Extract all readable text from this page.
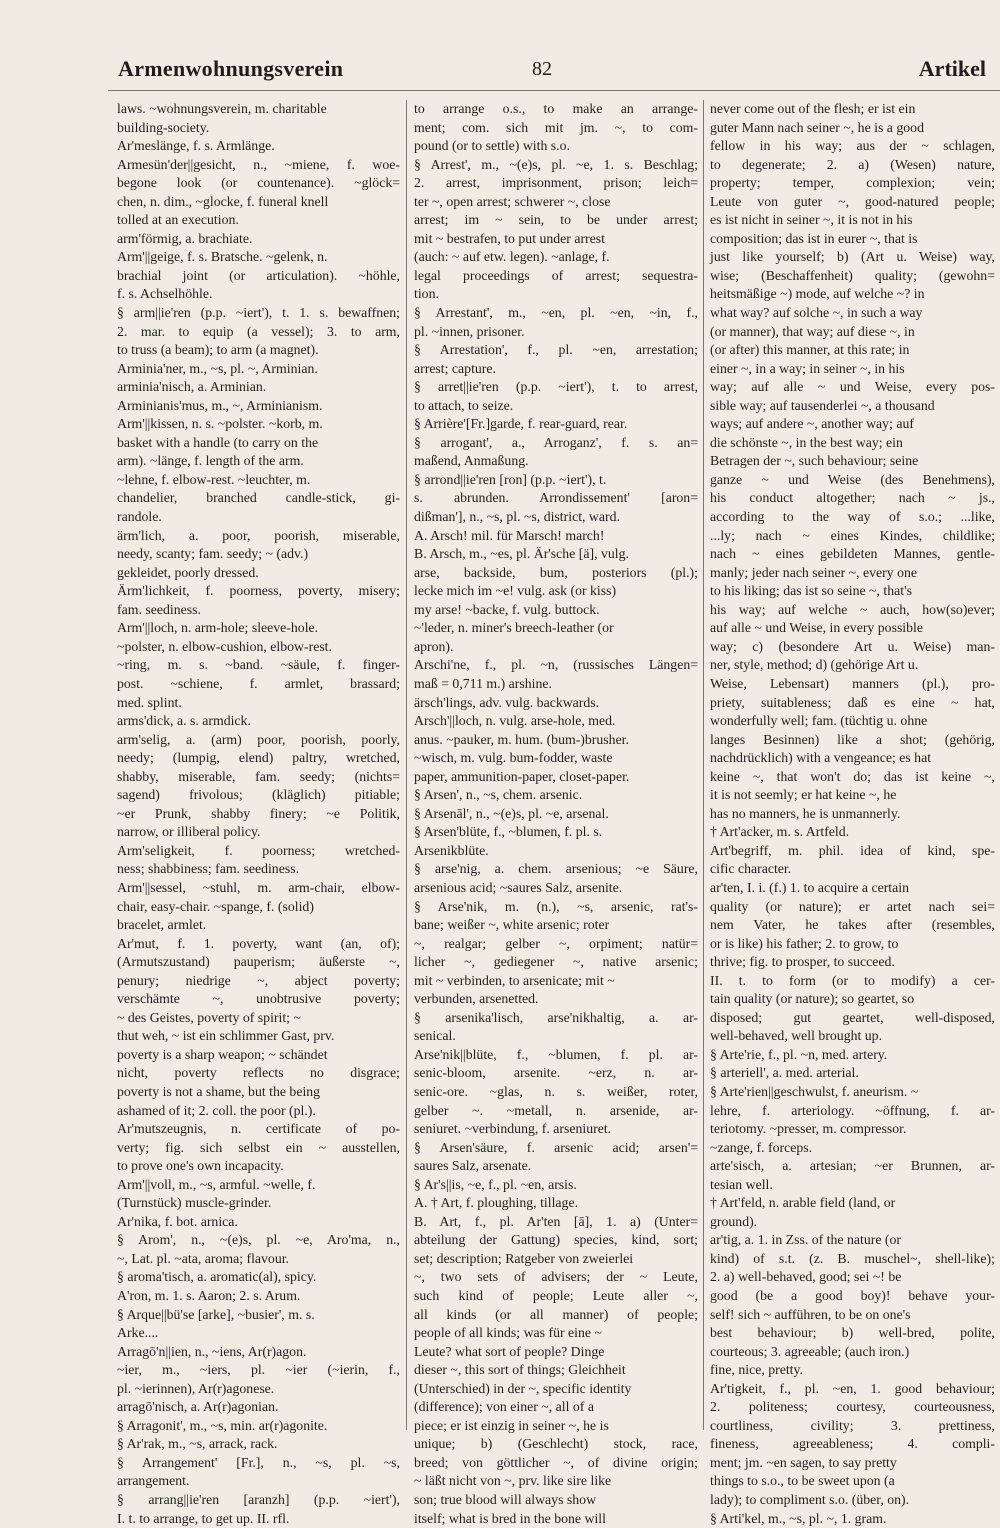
Armenwohnungsverein	82	Artikel
laws. ~wohnungsverein, m. charitable
building-society.
Ar'meslänge, f. s. Armlänge.
Armesün'der||gesicht, n., ~miene, f. woe-
begone look (or countenance). ~glöck=
chen, n. dim., ~glocke, f. funeral knell
tolled at an execution.
arm'förmig, a. brachiate.
Arm'||geige, f. s. Bratsche. ~gelenk, n.
brachial joint (or articulation). ~höhle,
f. s. Achselhöhle.
§ arm||ie'ren (p.p. ~iert'), t. 1. s. bewaffnen;
2. mar. to equip (a vessel); 3. to arm,
to truss (a beam); to arm (a magnet).
Arminia'ner, m., ~s, pl. ~, Arminian.
arminia'nisch, a. Arminian.
Arminianis'mus, m., ~, Arminianism.
Arm'||kissen, n. s. ~polster. ~korb, m.
basket with a handle (to carry on the
arm). ~länge, f. length of the arm.
~lehne, f. elbow-rest. ~leuchter, m.
chandelier, branched candle-stick, gi-
randole.
ärm'lich, a. poor, poorish, miserable,
needy, scanty; fam. seedy; ~ (adv.)
gekleidet, poorly dressed.
Ärm'lichkeit, f. poorness, poverty, misery;
fam. seediness.
Arm'||loch, n. arm-hole; sleeve-hole.
~polster, n. elbow-cushion, elbow-rest.
~ring, m. s. ~band. ~säule, f. finger-
post. ~schiene, f. armlet, brassard;
med. splint.
arms'dick, a. s. armdick.
arm'selig, a. (arm) poor, poorish, poorly,
needy; (lumpig, elend) paltry, wretched,
shabby, miserable, fam. seedy; (nichts=
sagend) frivolous; (kläglich) pitiable;
~er Prunk, shabby finery; ~e Politik,
narrow, or illiberal policy.
Arm'seligkeit, f. poorness; wretched-
ness; shabbiness; fam. seediness.
Arm'||sessel, ~stuhl, m. arm-chair, elbow-
chair, easy-chair. ~spange, f. (solid)
bracelet, armlet.
Ar'mut, f. 1. poverty, want (an, of);
(Armutszustand) pauperism; äußerste ~,
penury; niedrige ~, abject poverty;
verschämte ~, unobtrusive poverty;
~ des Geistes, poverty of spirit; ~
thut weh, ~ ist ein schlimmer Gast, prv.
poverty is a sharp weapon; ~ schändet
nicht, poverty reflects no disgrace;
poverty is not a shame, but the being
ashamed of it; 2. coll. the poor (pl.).
Ar'mutszeugnis, n. certificate of po-
verty; fig. sich selbst ein ~ ausstellen,
to prove one's own incapacity.
Arm'||voll, m., ~s, armful. ~welle, f.
(Turnstück) muscle-grinder.
Ar'nika, f. bot. arnica.
§ Arom', n., ~(e)s, pl. ~e, Aro'ma, n.,
~, Lat. pl. ~ata, aroma; flavour.
§ aroma'tisch, a. aromatic(al), spicy.
A'ron, m. 1. s. Aaron; 2. s. Arum.
§ Arque||bü'se [arke], ~busier', m. s.
Arke....
Arragō'n||ien, n., ~iens, Ar(r)agon.
~ier, m., ~iers, pl. ~ier (~ierin, f.,
pl. ~ierinnen), Ar(r)agonese.
arragō'nisch, a. Ar(r)agonian.
§ Arragonit', m., ~s, min. ar(r)agonite.
§ Ar'rak, m., ~s, arrack, rack.
§ Arrangement' [Fr.], n., ~s, pl. ~s,
arrangement.
§ arrang||ie'ren [aranzh] (p.p. ~iert'),
I. t. to arrange, to get up. II. rfl.
to arrange o.s., to make an arrange-
ment; com. sich mit jm. ~, to com-
pound (or to settle) with s.o.
§ Arrest', m., ~(e)s, pl. ~e, 1. s. Beschlag;
2. arrest, imprisonment, prison; leich=
ter ~, open arrest; schwerer ~, close
arrest; im ~ sein, to be under arrest;
mit ~ bestrafen, to put under arrest
(auch: ~ auf etw. legen). ~anlage, f.
legal proceedings of arrest; sequestra-
tion.
§ Arrestant', m., ~en, pl. ~en, ~in, f.,
pl. ~innen, prisoner.
§ Arrestation', f., pl. ~en, arrestation;
arrest; capture.
§ arret||ie'ren (p.p. ~iert'), t. to arrest,
to attach, to seize.
§ Arrière'[Fr.]garde, f. rear-guard, rear.
§ arrogant', a., Arroganz', f. s. an=
maßend, Anmaßung.
§ arrond||ie'ren [ron] (p.p. ~iert'), t.
s. abrunden. Arrondissement' [aron=
dißman'], n., ~s, pl. ~s, district, ward.
A. Arsch! mil. für Marsch! march!
B. Arsch, m., ~es, pl. Är'sche [ä], vulg.
arse, backside, bum, posteriors (pl.);
lecke mich im ~e! vulg. ask (or kiss)
my arse! ~backe, f. vulg. buttock.
~'leder, n. miner's breech-leather (or
apron).
Arschi'ne, f., pl. ~n, (russisches Längen=
maß = 0,711 m.) arshine.
ärsch'lings, adv. vulg. backwards.
Arsch'||loch, n. vulg. arse-hole, med.
anus. ~pauker, m. hum. (bum-)brusher.
~wisch, m. vulg. bum-fodder, waste
paper, ammunition-paper, closet-paper.
§ Arsen', n., ~s, chem. arsenic.
§ Arsenāl', n., ~(e)s, pl. ~e, arsenal.
§ Arsen'blüte, f., ~blumen, f. pl. s.
Arsenikblüte.
§ arse'nig, a. chem. arsenious; ~e Säure,
arsenious acid; ~saures Salz, arsenite.
§ Arse'nik, m. (n.), ~s, arsenic, rat's-
bane; weißer ~, white arsenic; roter
~, realgar; gelber ~, orpiment; natür=
licher ~, gediegener ~, native arsenic;
mit ~ verbinden, to arsenicate; mit ~
verbunden, arsenetted.
§ arsenika'lisch, arse'nikhaltig, a. ar-
senical.
Arse'nik||blüte, f., ~blumen, f. pl. ar-
senic-bloom, arsenite. ~erz, n. ar-
senic-ore. ~glas, n. s. weißer, roter,
gelber ~. ~metall, n. arsenide, ar-
seniuret. ~verbindung, f. arseniuret.
§ Arsen'säure, f. arsenic acid; arsen'=
saures Salz, arsenate.
§ Ar's||is, ~e, f., pl. ~en, arsis.
A. † Art, f. ploughing, tillage.
B. Art, f., pl. Ar'ten [ā], 1. a) (Unter=
abteilung der Gattung) species, kind, sort;
set; description; Ratgeber von zweierlei
~, two sets of advisers; der ~ Leute,
such kind of people; Leute aller ~,
all kinds (or all manner) of people;
people of all kinds; was für eine ~
Leute? what sort of people? Dinge
dieser ~, this sort of things; Gleichheit
(Unterschied) in der ~, specific identity
(difference); von einer ~, all of a
piece; er ist einzig in seiner ~, he is
unique; b) (Geschlecht) stock, race,
breed; von göttlicher ~, of divine origin;
~ läßt nicht von ~, prv. like sire like
son; true blood will always show
itself; what is bred in the bone will
never come out of the flesh; er ist ein
guter Mann nach seiner ~, he is a good
fellow in his way; aus der ~ schlagen,
to degenerate; 2. a) (Wesen) nature,
property; temper, complexion; vein;
Leute von guter ~, good-natured people;
es ist nicht in seiner ~, it is not in his
composition; das ist in eurer ~, that is
just like yourself; b) (Art u. Weise) way,
wise; (Beschaffenheit) quality; (gewohn=
heitsmäßige ~) mode, auf welche ~? in
what way? auf solche ~, in such a way
(or manner), that way; auf diese ~, in
(or after) this manner, at this rate; in
einer ~, in a way; in seiner ~, in his
way; auf alle ~ und Weise, every pos-
sible way; auf tausenderlei ~, a thousand
ways; auf andere ~, another way; auf
die schönste ~, in the best way; ein
Betragen der ~, such behaviour; seine
ganze ~ und Weise (des Benehmens),
his conduct altogether; nach ~ js.,
according to the way of s.o.; ...like,
...ly; nach ~ eines Kindes, childlike;
nach ~ eines gebildeten Mannes, gentle-
manly; jeder nach seiner ~, every one
to his liking; das ist so seine ~, that's
his way; auf welche ~ auch, how(so)ever;
auf alle ~ und Weise, in every possible
way; c) (besondere Art u. Weise) man-
ner, style, method; d) (gehörige Art u.
Weise, Lebensart) manners (pl.), pro-
priety, suitableness; daß es eine ~ hat,
wonderfully well; fam. (tüchtig u. ohne
langes Besinnen) like a shot; (gehörig,
nachdrücklich) with a vengeance; es hat
keine ~, that won't do; das ist keine ~,
it is not seemly; er hat keine ~, he
has no manners, he is unmannerly.
† Art'acker, m. s. Artfeld.
Art'begriff, m. phil. idea of kind, spe-
cific character.
ar'ten, I. i. (f.) 1. to acquire a certain
quality (or nature); er artet nach sei=
nem Vater, he takes after (resembles,
or is like) his father; 2. to grow, to
thrive; fig. to prosper, to succeed.
II. t. to form (or to modify) a cer-
tain quality (or nature); so geartet, so
disposed; gut geartet, well-disposed,
well-behaved, well brought up.
§ Arte'rie, f., pl. ~n, med. artery.
§ arteriell', a. med. arterial.
§ Arte'rien||geschwulst, f. aneurism. ~
lehre, f. arteriology. ~öffnung, f. ar-
teriotomy. ~presser, m. compressor.
~zange, f. forceps.
arte'sisch, a. artesian; ~er Brunnen, ar-
tesian well.
† Art'feld, n. arable field (land, or
ground).
ar'tig, a. 1. in Zss. of the nature (or
kind) of s.t. (z. B. muschel~, shell-like);
2. a) well-behaved, good; sei ~! be
good (be a good boy)! behave your-
self! sich ~ aufführen, to be on one's
best behaviour; b) well-bred, polite,
courteous; 3. agreeable; (auch iron.)
fine, nice, pretty.
Ar'tigkeit, f., pl. ~en, 1. good behaviour;
2. politeness; courtesy, courteousness,
courtliness, civility; 3. prettiness,
fineness, agreeableness; 4. compli-
ment; jm. ~en sagen, to say pretty
things to s.o., to be sweet upon (a
lady); to compliment s.o. (über, on).
§ Arti'kel, m., ~s, pl. ~, 1. gram.
